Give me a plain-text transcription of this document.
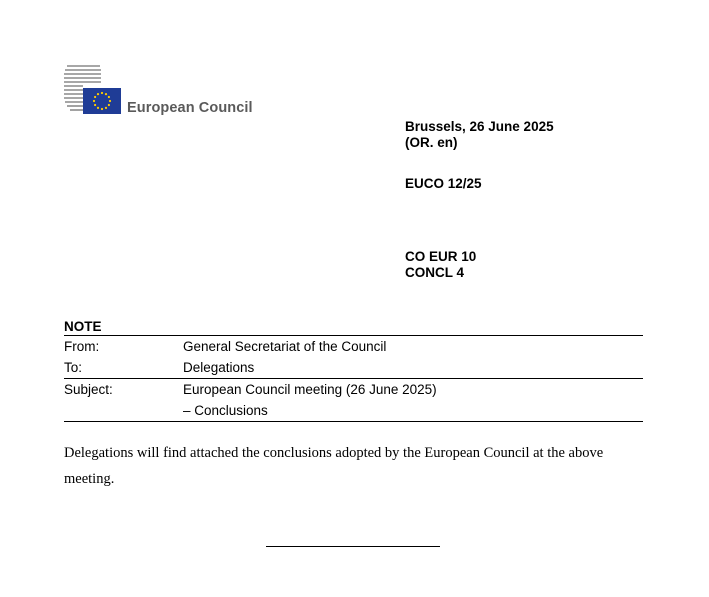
European Council
Brussels, 26 June 2025
(OR. en)
EUCO 12/25
CO EUR 10
CONCL 4
NOTE
From:	General Secretariat of the Council
To:	Delegations
Subject:	European Council meeting (26 June 2025)
– Conclusions
Delegations will find attached the conclusions adopted by the European Council at the above meeting.
